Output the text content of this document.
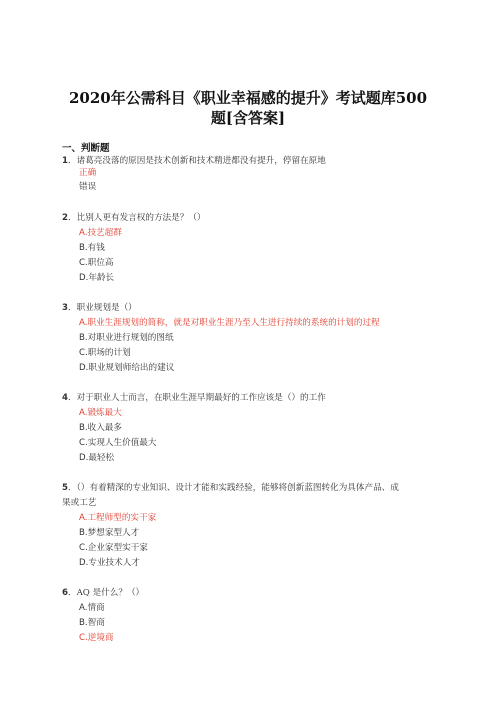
2020年公需科目《职业幸福感的提升》考试题库500
题[含答案]
一、判断题
1．诸葛亮没落的原因是技术创新和技术精进都没有提升，停留在原地
正确
错误
2．比别人更有发言权的方法是？（）
A.技艺超群
B.有钱
C.职位高
D.年龄长
3．职业规划是（）
A.职业生涯规划的简称，就是对职业生涯乃至人生进行持续的系统的计划的过程
B.对职业进行规划的图纸
C.职场的计划
D.职业规划师给出的建议
4．对于职业人士而言，在职业生涯早期最好的工作应该是（）的工作
A.锻炼最大
B.收入最多
C.实现人生价值最大
D.最轻松
5．（）有着精深的专业知识、设计才能和实践经验，能够将创新蓝图转化为具体产品、成
果或工艺
A.工程师型的实干家
B.梦想家型人才
C.企业家型实干家
D.专业技术人才
6．AQ 是什么？（）
A.情商
B.智商
C.逆境商
